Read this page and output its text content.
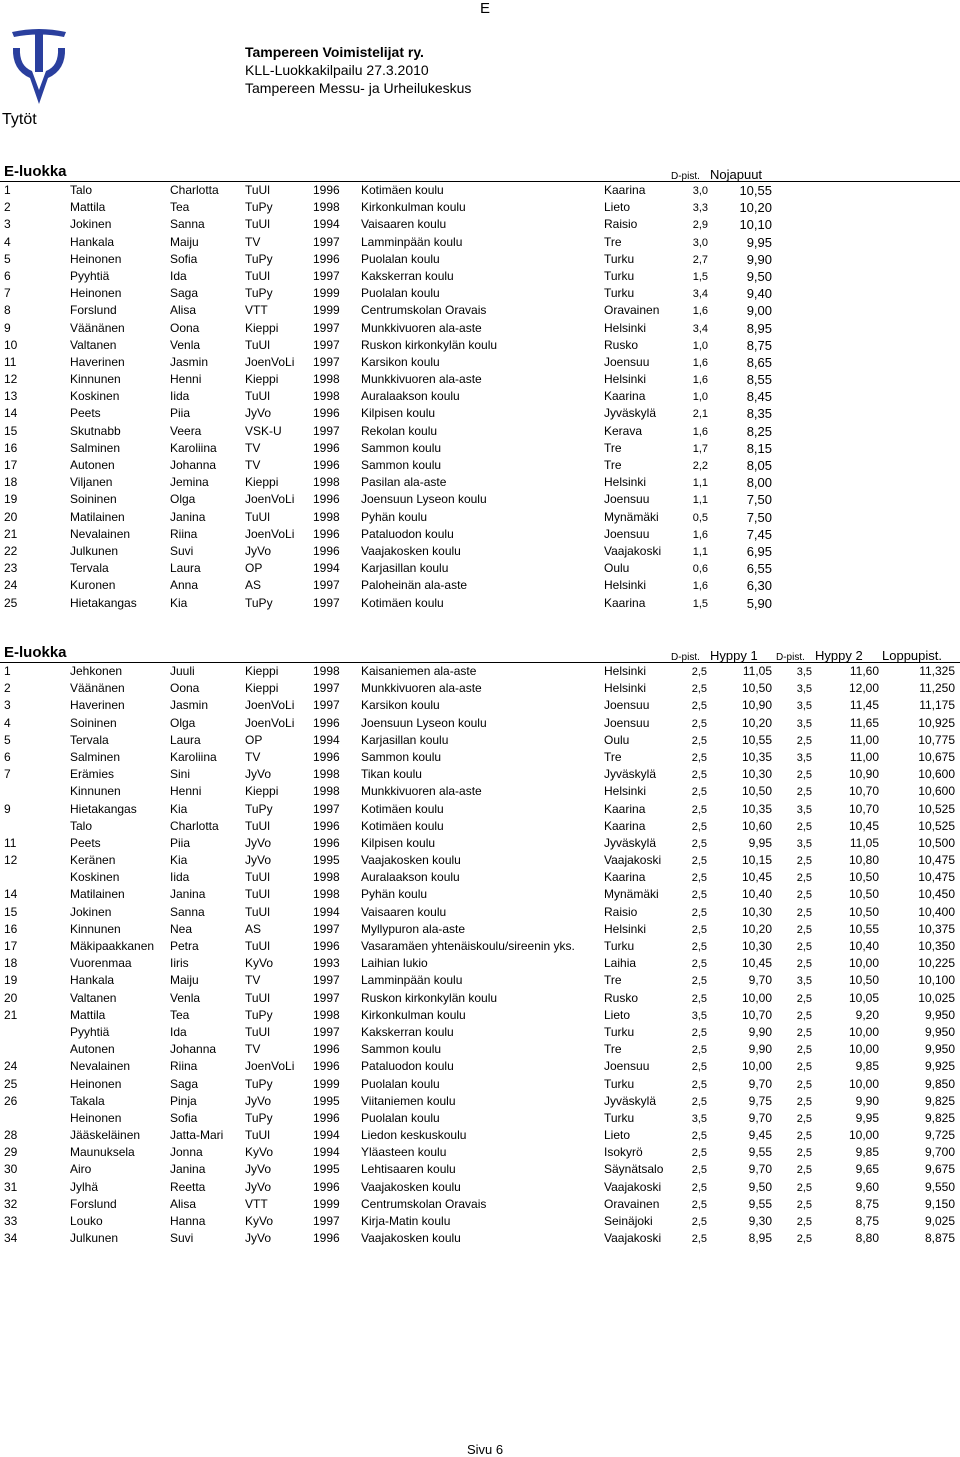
E
Tampereen Voimistelijat ry.
KLL-Luokkakilpailu 27.3.2010
Tampereen Messu- ja Urheilukeskus
Tytöt
E-luokka	D-pist. Nojapuut
1	Talo	Charlotta TuUl	1996 Kotimäen koulu	Kaarina	3,0 10,55
2	Mattila	Tea	TuPy	1998 Kirkonkulman koulu	Lieto	3,3 10,20
3	Jokinen	Sanna	TuUl	1994 Vaisaaren koulu	Raisio	2,9 10,10
4	Hankala	Maiju	TV	1997 Lamminpään koulu	Tre	3,0	9,95
5	Heinonen	Sofia	TuPy	1996 Puolalan koulu	Turku	2,7	9,90
6	Pyyhtiä	Ida	TuUl	1997 Kakskerran koulu	Turku	1,5	9,50
7	Heinonen	Saga	TuPy	1999 Puolalan koulu	Turku	3,4	9,40
8	Forslund	Alisa	VTT	1999 Centrumskolan Oravais	Oravainen	1,6	9,00
9	Väänänen	Oona	Kieppi	1997 Munkkivuoren ala-aste	Helsinki	3,4	8,95
10	Valtanen	Venla	TuUl	1997 Ruskon kirkonkylän koulu	Rusko	1,0	8,75
11	Haverinen	Jasmin	JoenVoLi 1997 Karsikon koulu	Joensuu	1,6	8,65
12	Kinnunen	Henni	Kieppi	1998 Munkkivuoren ala-aste	Helsinki	1,6	8,55
13	Koskinen	Iida	TuUl	1998 Auralaakson koulu	Kaarina	1,0	8,45
14	Peets	Piia	JyVo	1996 Kilpisen koulu	Jyväskylä	2,1	8,35
15	Skutnabb	Veera	VSK-U	1997 Rekolan koulu	Kerava	1,6	8,25
16	Salminen	Karoliina TV	1996 Sammon koulu	Tre	1,7	8,15
17	Autonen	Johanna TV	1996 Sammon koulu	Tre	2,2	8,05
18	Viljanen	Jemina	Kieppi	1998 Pasilan ala-aste	Helsinki	1,1	8,00
19	Soininen	Olga	JoenVoLi 1996 Joensuun Lyseon koulu	Joensuu	1,1	7,50
20	Matilainen	Janina	TuUl	1998 Pyhän koulu	Mynämäki	0,5	7,50
21	Nevalainen	Riina	JoenVoLi 1996 Pataluodon koulu	Joensuu	1,6	7,45
22	Julkunen	Suvi	JyVo	1996 Vaajakosken koulu	Vaajakoski	1,1	6,95
23	Tervala	Laura	OP	1994 Karjasillan koulu	Oulu	0,6	6,55
24	Kuronen	Anna	AS	1997 Paloheinän ala-aste	Helsinki	1,6	6,30
25	Hietakangas	Kia	TuPy	1997 Kotimäen koulu	Kaarina	1,5	5,90
E-luokka	D-pist. Hyppy 1 D-pist. Hyppy 2 Loppupist.
1	Jehkonen	Juuli	Kieppi	1998 Kaisaniemen ala-aste	Helsinki	2,5	11,05 3,5	11,60	11,325
2	Väänänen	Oona	Kieppi	1997 Munkkivuoren ala-aste	Helsinki	2,5	10,50 3,5	12,00	11,250
3	Haverinen	Jasmin	JoenVoLi 1997 Karsikon koulu	Joensuu	2,5	10,90 3,5	11,45	11,175
4	Soininen	Olga	JoenVoLi 1996 Joensuun Lyseon koulu	Joensuu	2,5	10,20 3,5	11,65	10,925
5	Tervala	Laura	OP	1994 Karjasillan koulu	Oulu	2,5	10,55 2,5	11,00	10,775
6	Salminen	Karoliina TV	1996 Sammon koulu	Tre	2,5	10,35 3,5	11,00	10,675
7	Erämies	Sini	JyVo	1998 Tikan koulu	Jyväskylä	2,5	10,30 2,5	10,90	10,600
Kinnunen	Henni	Kieppi	1998 Munkkivuoren ala-aste	Helsinki	2,5	10,50 2,5	10,70	10,600
9	Hietakangas	Kia	TuPy	1997 Kotimäen koulu	Kaarina	2,5	10,35 3,5	10,70	10,525
Talo	Charlotta TuUl	1996 Kotimäen koulu	Kaarina	2,5	10,60 2,5	10,45	10,525
11	Peets	Piia	JyVo	1996 Kilpisen koulu	Jyväskylä	2,5	9,95 3,5	11,05	10,500
12	Keränen	Kia	JyVo	1995 Vaajakosken koulu	Vaajakoski	2,5	10,15 2,5	10,80	10,475
Koskinen	Iida	TuUl	1998 Auralaakson koulu	Kaarina	2,5	10,45 2,5	10,50	10,475
14	Matilainen	Janina	TuUl	1998 Pyhän koulu	Mynämäki	2,5	10,40 2,5	10,50	10,450
15	Jokinen	Sanna	TuUl	1994 Vaisaaren koulu	Raisio	2,5	10,30 2,5	10,50	10,400
16	Kinnunen	Nea	AS	1997 Myllypuron ala-aste	Helsinki	2,5	10,20 2,5	10,55	10,375
17	Mäkipaakkanen Petra	TuUl	1996 Vasaramäen yhtenäiskoulu/sireenin yks. Turku	2,5	10,30 2,5	10,40	10,350
18	Vuorenmaa	Iiris	KyVo	1993 Laihian lukio	Laihia	2,5	10,45 2,5	10,00	10,225
19	Hankala	Maiju	TV	1997 Lamminpään koulu	Tre	2,5	9,70 3,5	10,50	10,100
20	Valtanen	Venla	TuUl	1997 Ruskon kirkonkylän koulu	Rusko	2,5	10,00 2,5	10,05	10,025
21	Mattila	Tea	TuPy	1998 Kirkonkulman koulu	Lieto	3,5	10,70 2,5	9,20	9,950
Pyyhtiä	Ida	TuUl	1997 Kakskerran koulu	Turku	2,5	9,90 2,5	10,00	9,950
Autonen	Johanna TV	1996 Sammon koulu	Tre	2,5	9,90 2,5	10,00	9,950
24	Nevalainen	Riina	JoenVoLi 1996 Pataluodon koulu	Joensuu	2,5	10,00 2,5	9,85	9,925
25	Heinonen	Saga	TuPy	1999 Puolalan koulu	Turku	2,5	9,70 2,5	10,00	9,850
26	Takala	Pinja	JyVo	1995 Viitaniemen koulu	Jyväskylä	2,5	9,75 2,5	9,90	9,825
Heinonen	Sofia	TuPy	1996 Puolalan koulu	Turku	3,5	9,70 2,5	9,95	9,825
28	Jääskeläinen Jatta-Mari TuUl	1994 Liedon keskuskoulu	Lieto	2,5	9,45 2,5	10,00	9,725
29	Maunuksela	Jonna	KyVo	1994 Yläasteen koulu	Isokyrö	2,5	9,55 2,5	9,85	9,700
30	Airo	Janina	JyVo	1995 Lehtisaaren koulu	Säynätsalo	2,5	9,70 2,5	9,65	9,675
31	Jylhä	Reetta	JyVo	1996 Vaajakosken koulu	Vaajakoski	2,5	9,50 2,5	9,60	9,550
32	Forslund	Alisa	VTT	1999 Centrumskolan Oravais	Oravainen	2,5	9,55 2,5	8,75	9,150
33	Louko	Hanna	KyVo	1997 Kirja-Matin koulu	Seinäjoki	2,5	9,30 2,5	8,75	9,025
34	Julkunen	Suvi	JyVo	1996 Vaajakosken koulu	Vaajakoski	2,5	8,95 2,5	8,80	8,875
Sivu 6
